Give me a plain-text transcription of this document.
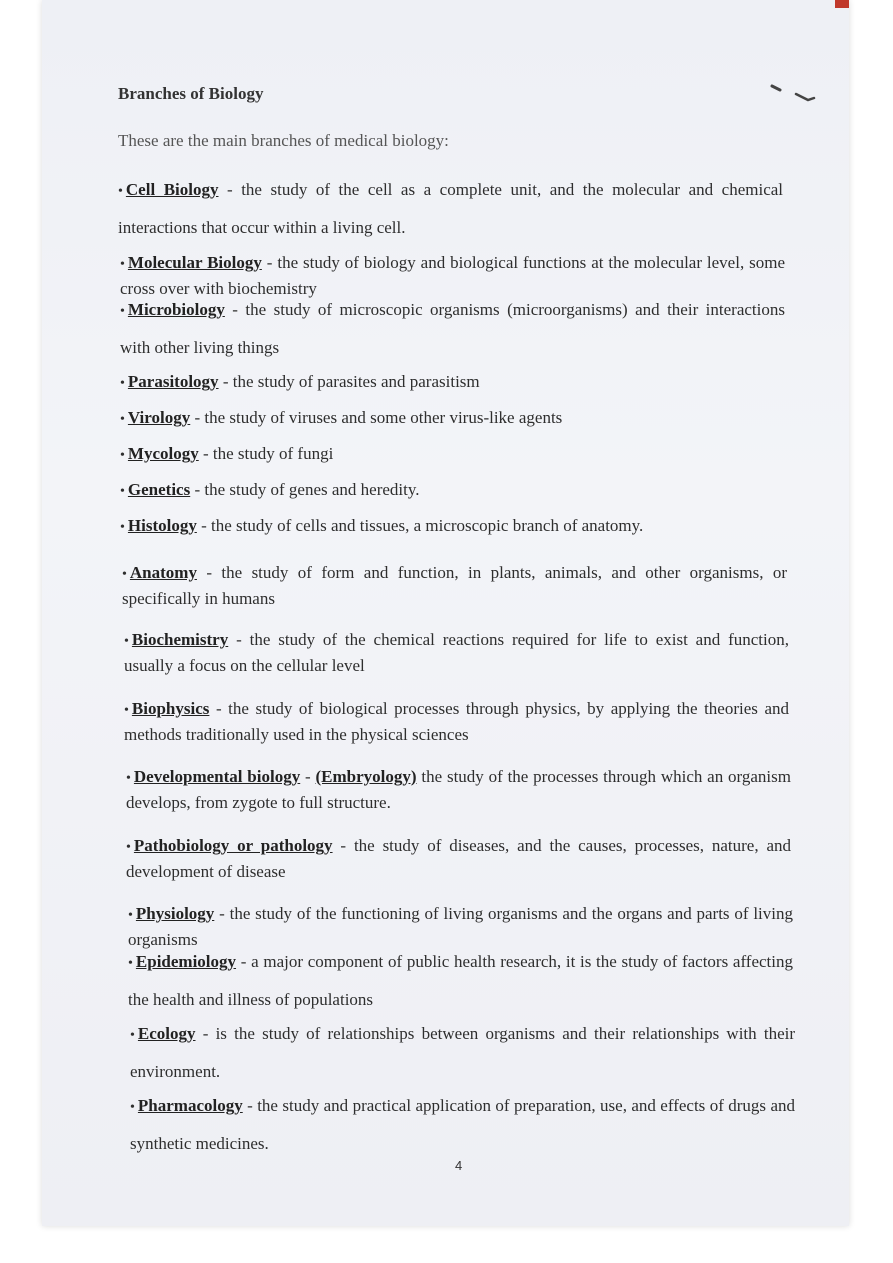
Branches of Biology
These are the main branches of medical biology:
• Cell Biology - the study of the cell as a complete unit, and the molecular and chemical interactions that occur within a living cell.
• Molecular Biology - the study of biology and biological functions at the molecular level, some cross over with biochemistry
• Microbiology - the study of microscopic organisms (microorganisms) and their interactions with other living things
• Parasitology - the study of parasites and parasitism
• Virology - the study of viruses and some other virus-like agents
• Mycology - the study of fungi
• Genetics - the study of genes and heredity.
• Histology - the study of cells and tissues, a microscopic branch of anatomy.
• Anatomy - the study of form and function, in plants, animals, and other organisms, or specifically in humans
• Biochemistry - the study of the chemical reactions required for life to exist and function, usually a focus on the cellular level
• Biophysics - the study of biological processes through physics, by applying the theories and methods traditionally used in the physical sciences
• Developmental biology - (Embryology) the study of the processes through which an organism develops, from zygote to full structure.
• Pathobiology or pathology - the study of diseases, and the causes, processes, nature, and development of disease
• Physiology - the study of the functioning of living organisms and the organs and parts of living organisms
• Epidemiology - a major component of public health research, it is the study of factors affecting the health and illness of populations
• Ecology - is the study of relationships between organisms and their relationships with their environment.
• Pharmacology - the study and practical application of preparation, use, and effects of drugs and synthetic medicines.
4
